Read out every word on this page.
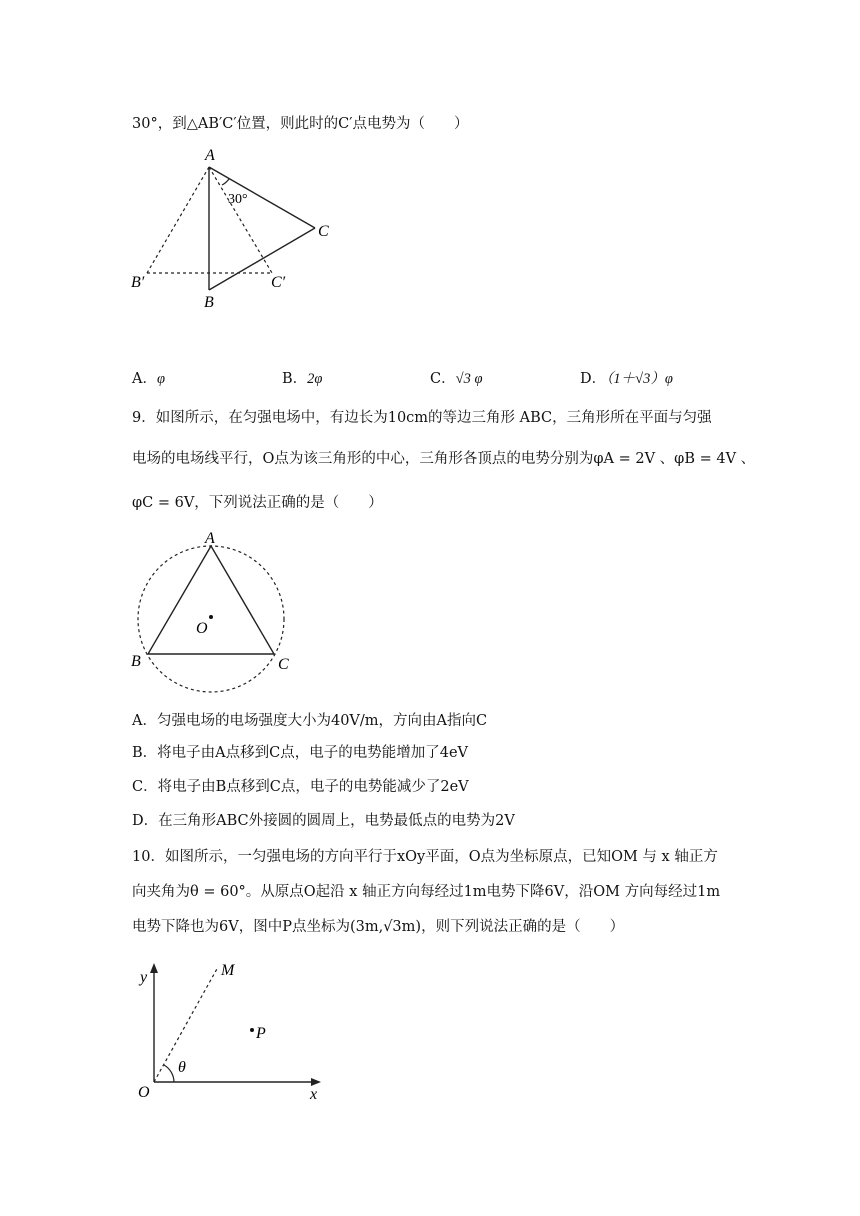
30°，到△AB′C′位置，则此时的C′点电势为（　　）
A
30°
C
B′	C′
B
A．φ	B．2φ	C．√3 φ	D．（1＋√3）φ
9．如图所示，在匀强电场中，有边长为10cm的等边三角形 ABC，三角形所在平面与匀强
电场的电场线平行，O点为该三角形的中心，三角形各顶点的电势分别为φA = 2V 、φB = 4V 、
φC = 6V，下列说法正确的是（　　）
A
O
B	C
A．匀强电场的电场强度大小为40V/m，方向由A指向C
B．将电子由A点移到C点，电子的电势能增加了4eV
C．将电子由B点移到C点，电子的电势能减少了2eV
D．在三角形ABC外接圆的圆周上，电势最低点的电势为2V
10．如图所示，一匀强电场的方向平行于xOy平面，O点为坐标原点，已知OM 与 x 轴正方
向夹角为θ = 60°。从原点O起沿 x 轴正方向每经过1m电势下降6V，沿OM 方向每经过1m
电势下降也为6V，图中P点坐标为(3m,√3m)，则下列说法正确的是（　　）
y	M
P
θ
O	x
